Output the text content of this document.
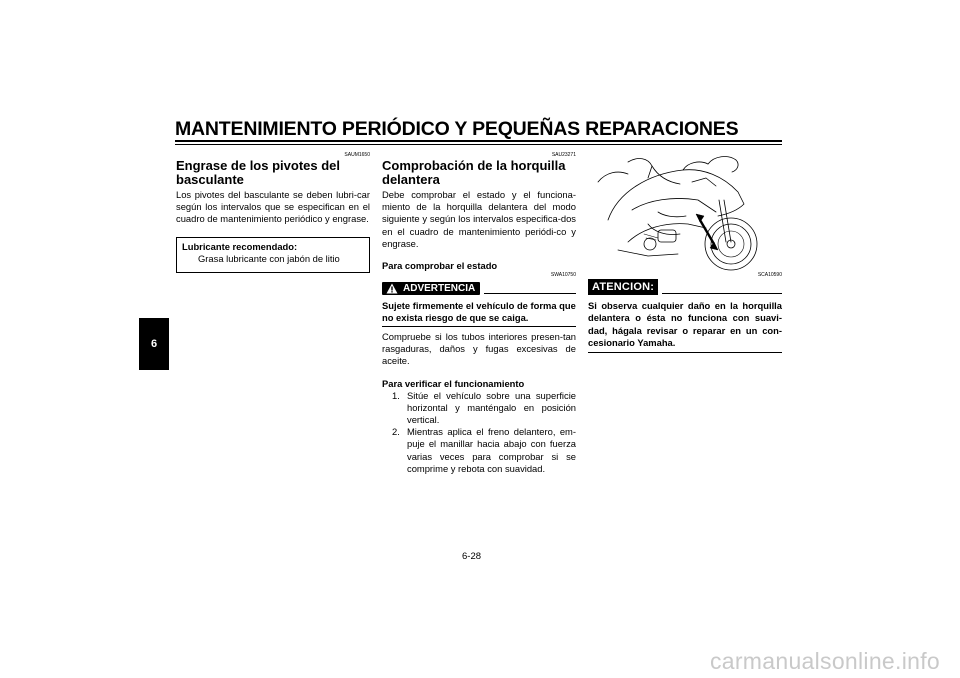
MANTENIMIENTO PERIÓDICO Y PEQUEÑAS REPARACIONES
6
SAUM1650
Engrase de los pivotes del basculante

Los pivotes del basculante se deben lubri-car según los intervalos que se especifican en el cuadro de mantenimiento periódico y engrase.

Lubricante recomendado:
Grasa lubricante con jabón de litio
SAU23271
Comprobación de la horquilla delantera

Debe comprobar el estado y el funciona-miento de la horquilla delantera del modo siguiente y según los intervalos especifica-dos en el cuadro de mantenimiento periódi-co y engrase.

Para comprobar el estado
SWA10750
ADVERTENCIA
Sujete firmemente el vehículo de forma que no exista riesgo de que se caiga.

Compruebe si los tubos interiores presen-tan rasgaduras, daños y fugas excesivas de aceite.

Para verificar el funcionamiento
1. Sitúe el vehículo sobre una superficie horizontal y manténgalo en posición vertical.
2. Mientras aplica el freno delantero, em-puje el manillar hacia abajo con fuerza varias veces para comprobar si se comprime y rebota con suavidad.
SCA10590
ATENCION:
Si observa cualquier daño en la horquilla delantera o ésta no funciona con suavi-dad, hágala revisar o reparar en un con-cesionario Yamaha.
6-28
carmanualsonline.info
